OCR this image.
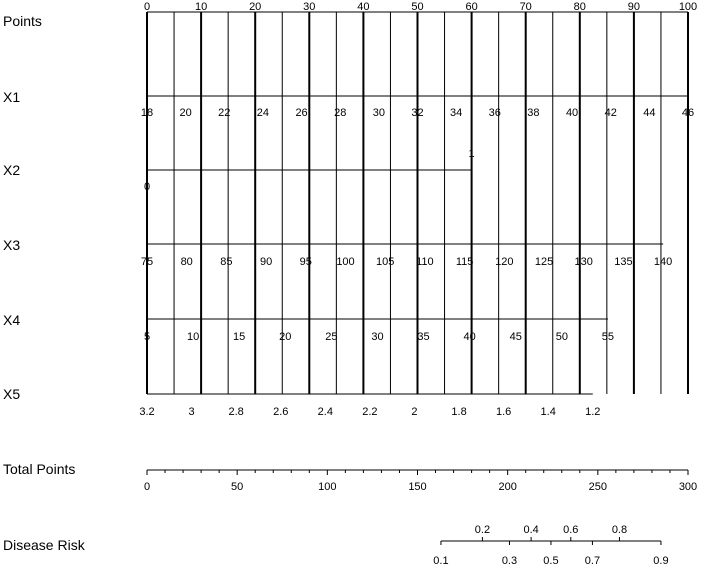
Points
0	10	20	30	40	50	60	70	80	90	100
X1
18 20 22 24 26 28 30 32 34 36 38 40 42 44 46
X2
0
1
X3
75 80 85 90 95 100 105 110 115 120 125 130 135 140
X4
5	10	15	20	25	30	35	40	45	50	55
X5
3.2	3	2.8	2.6	2.4	2.2	2	1.8	1.6	1.4	1.2
Total Points
0	50	100	150	200	250	300
Disease Risk
0.2	0.4 0.6	0.8
0.1	0.3 0.5 0.7	0.9
